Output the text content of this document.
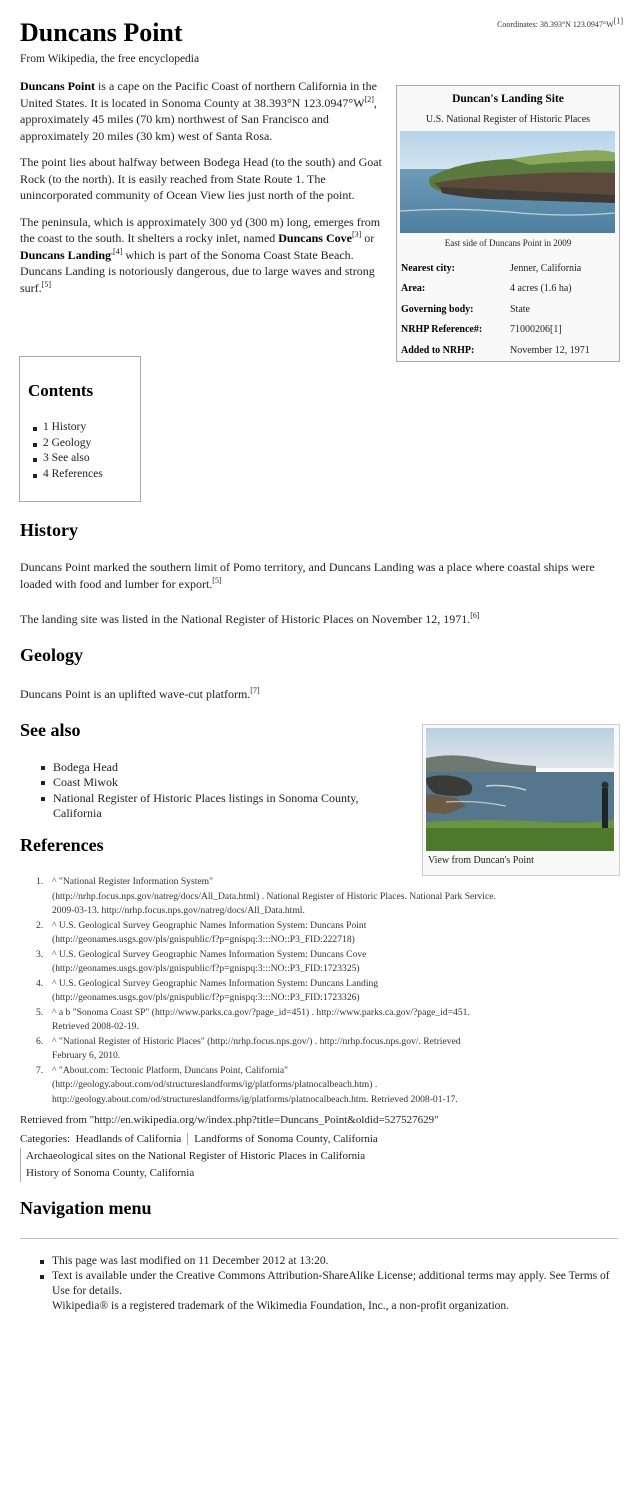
Coordinates: 38.393°N 123.0947°W[1]
Duncans Point
From Wikipedia, the free encyclopedia

Duncans Point is a cape on the Pacific Coast of northern California in the United States. It is located in Sonoma County at 38.393°N 123.0947°W[2], approximately 45 miles (70 km) northwest of San Francisco and approximately 20 miles (30 km) west of Santa Rosa.

The point lies about halfway between Bodega Head (to the south) and Goat Rock (to the north). It is easily reached from State Route 1. The unincorporated community of Ocean View lies just north of the point.

The peninsula, which is approximately 300 yd (300 m) long, emerges from the coast to the south. It shelters a rocky inlet, named Duncans Cove[3] or Duncans Landing$^{,[4]}$ which is part of the Sonoma Coast State Beach. Duncans Landing is notoriously dangerous, due to large waves and strong surf.[5]

Duncan's Landing Site
U.S. National Register of Historic Places
East side of Duncans Point in 2009
Nearest city:	Jenner, California
Area:	4 acres (1.6 ha)
Governing body:	State
NRHP Reference#:	71000206[1]
Added to NRHP:	November 12, 1971
Contents
1 History
2 Geology
3 See also
4 References
History
Duncans Point marked the southern limit of Pomo territory, and Duncans Landing was a place where coastal ships were loaded with food and lumber for export.[5]
The landing site was listed in the National Register of Historic Places on November 12, 1971.[6]
Geology
Duncans Point is an uplifted wave-cut platform.[7]
See also
Bodega Head
Coast Miwok
National Register of Historic Places listings in Sonoma County, California
View from Duncan's Point
References
1. ^ "National Register Information System"
(http://nrhp.focus.nps.gov/natreg/docs/All_Data.html) . National Register of Historic Places. National Park Service.
2009-03-13. http://nrhp.focus.nps.gov/natreg/docs/All_Data.html.
2. ^ U.S. Geological Survey Geographic Names Information System: Duncans Point
(http://geonames.usgs.gov/pls/gnispublic/f?p=gnispq:3:::NO::P3_FID:222718)
3. ^ U.S. Geological Survey Geographic Names Information System: Duncans Cove
(http://geonames.usgs.gov/pls/gnispublic/f?p=gnispq:3:::NO::P3_FID:1723325)
4. ^ U.S. Geological Survey Geographic Names Information System: Duncans Landing
(http://geonames.usgs.gov/pls/gnispublic/f?p=gnispq:3:::NO::P3_FID:1723326)
5. ^ a b "Sonoma Coast SP" (http://www.parks.ca.gov/?page_id=451) . http://www.parks.ca.gov/?page_id=451.
Retrieved 2008-02-19.
6. ^ "National Register of Historic Places" (http://nrhp.focus.nps.gov/) . http://nrhp.focus.nps.gov/. Retrieved
February 6, 2010.
7. ^ "About.com: Tectonic Platform, Duncans Point, California"
(http://geology.about.com/od/structureslandforms/ig/platforms/platnocalbeach.htm) .
http://geology.about.com/od/structureslandforms/ig/platforms/platnocalbeach.htm. Retrieved 2008-01-17.
Retrieved from "http://en.wikipedia.org/w/index.php?title=Duncans_Point&oldid=527527629"
Categories: Headlands of California Landforms of Sonoma County, California
Archaeological sites on the National Register of Historic Places in California
History of Sonoma County, California
Navigation menu
This page was last modified on 11 December 2012 at 13:20.
Text is available under the Creative Commons Attribution-ShareAlike License; additional terms may apply. See Terms of Use for details.
Wikipedia® is a registered trademark of the Wikimedia Foundation, Inc., a non-profit organization.
